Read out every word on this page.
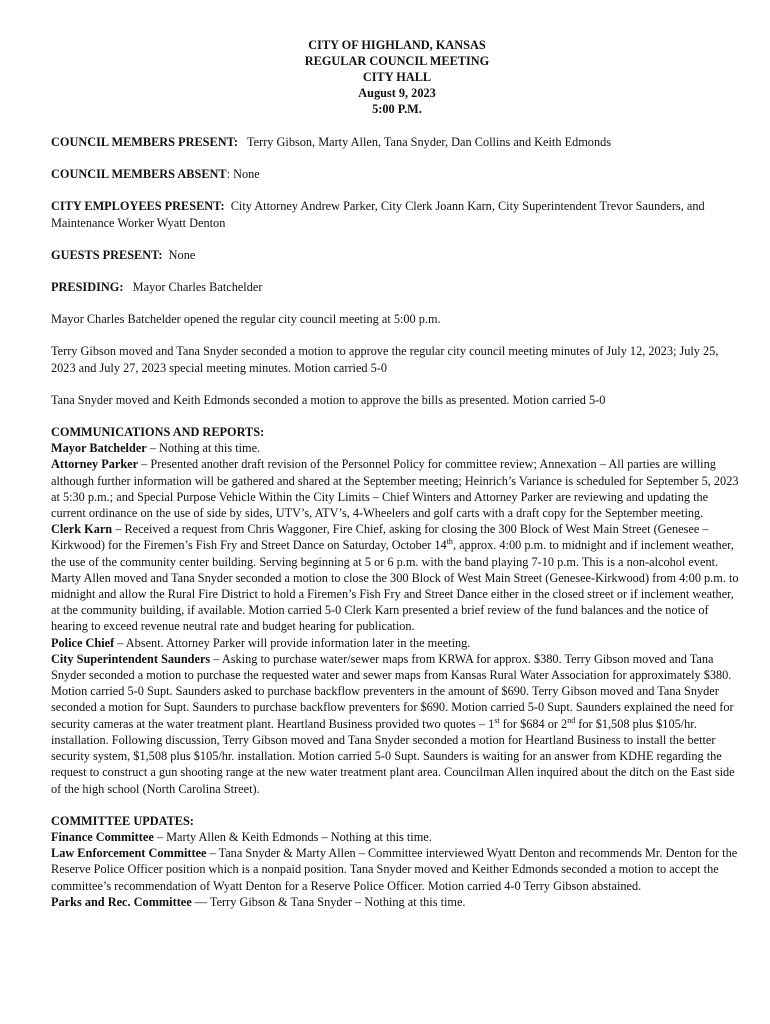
CITY OF HIGHLAND, KANSAS
REGULAR COUNCIL MEETING
CITY HALL
August 9, 2023
5:00 P.M.

COUNCIL MEMBERS PRESENT: Terry Gibson, Marty Allen, Tana Snyder, Dan Collins and Keith Edmonds

COUNCIL MEMBERS ABSENT: None

CITY EMPLOYEES PRESENT: City Attorney Andrew Parker, City Clerk Joann Karn, City Superintendent Trevor Saunders, and Maintenance Worker Wyatt Denton

GUESTS PRESENT: None

PRESIDING: Mayor Charles Batchelder

Mayor Charles Batchelder opened the regular city council meeting at 5:00 p.m.

Terry Gibson moved and Tana Snyder seconded a motion to approve the regular city council meeting minutes of July 12, 2023; July 25, 2023 and July 27, 2023 special meeting minutes. Motion carried 5-0

Tana Snyder moved and Keith Edmonds seconded a motion to approve the bills as presented. Motion carried 5-0

COMMUNICATIONS AND REPORTS:

Mayor Batchelder – Nothing at this time.

Attorney Parker – Presented another draft revision of the Personnel Policy for committee review; Annexation – All parties are willing although further information will be gathered and shared at the September meeting; Heinrich’s Variance is scheduled for September 5, 2023 at 5:30 p.m.; and Special Purpose Vehicle Within the City Limits – Chief Winters and Attorney Parker are reviewing and updating the current ordinance on the use of side by sides, UTV’s, ATV’s, 4-Wheelers and golf carts with a draft copy for the September meeting.

Clerk Karn – Received a request from Chris Waggoner, Fire Chief, asking for closing the 300 Block of West Main Street (Genesee – Kirkwood) for the Firemen’s Fish Fry and Street Dance on Saturday, October 14th, approx. 4:00 p.m. to midnight and if inclement weather, the use of the community center building. Serving beginning at 5 or 6 p.m. with the band playing 7-10 p.m. This is a non-alcohol event. Marty Allen moved and Tana Snyder seconded a motion to close the 300 Block of West Main Street (Genesee-Kirkwood) from 4:00 p.m. to midnight and allow the Rural Fire District to hold a Firemen’s Fish Fry and Street Dance either in the closed street or if inclement weather, at the community building, if available. Motion carried 5-0 Clerk Karn presented a brief review of the fund balances and the notice of hearing to exceed revenue neutral rate and budget hearing for publication.

Police Chief – Absent. Attorney Parker will provide information later in the meeting.

City Superintendent Saunders – Asking to purchase water/sewer maps from KRWA for approx. $380. Terry Gibson moved and Tana Snyder seconded a motion to purchase the requested water and sewer maps from Kansas Rural Water Association for approximately $380. Motion carried 5-0 Supt. Saunders asked to purchase backflow preventers in the amount of $690. Terry Gibson moved and Tana Snyder seconded a motion for Supt. Saunders to purchase backflow preventers for $690. Motion carried 5-0 Supt. Saunders explained the need for security cameras at the water treatment plant. Heartland Business provided two quotes – 1st for $684 or 2nd for $1,508 plus $105/hr. installation. Following discussion, Terry Gibson moved and Tana Snyder seconded a motion for Heartland Business to install the better security system, $1,508 plus $105/hr. installation. Motion carried 5-0 Supt. Saunders is waiting for an answer from KDHE regarding the request to construct a gun shooting range at the new water treatment plant area. Councilman Allen inquired about the ditch on the East side of the high school (North Carolina Street).

COMMITTEE UPDATES:

Finance Committee – Marty Allen & Keith Edmonds – Nothing at this time.

Law Enforcement Committee – Tana Snyder & Marty Allen – Committee interviewed Wyatt Denton and recommends Mr. Denton for the Reserve Police Officer position which is a nonpaid position. Tana Snyder moved and Keither Edmonds seconded a motion to accept the committee’s recommendation of Wyatt Denton for a Reserve Police Officer. Motion carried 4-0 Terry Gibson abstained.

Parks and Rec. Committee — Terry Gibson & Tana Snyder – Nothing at this time.
